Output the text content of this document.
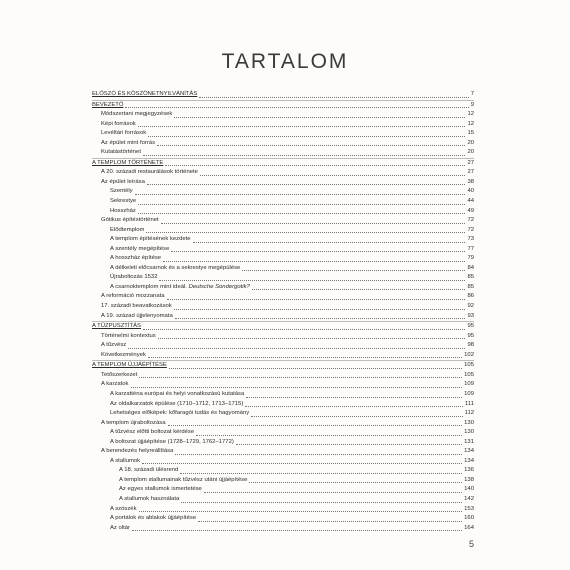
TARTALOM
ELŐSZÓ ÉS KÖSZÖNETNYILVÁNÍTÁS	7
BEVEZETŐ	9
Módszertani megjegyzések	12
Képi források	12
Levéltári források	15
Az épület mint forrás	20
Kutatástörténet	20
A TEMPLOM TÖRTÉNETE	27
A 20. századi restaurálások története	27
Az épület leírása	38
Szentély	40
Sekrestye	44
Hosszház	49
Gótikus építéstörténet	72
Elődtemplom	72
A templom építésének kezdete	73
A szentély megépítése	77
A hosszház építése	79
A délkeleti előcsarnok és a sekrestye megépülése	84
Újraboltozás 1532	85
A csarnoktemplom mint ideál. Deutsche Sondergotik?	85
A reformáció mozzanata	86
17. századi beavatkozások	92
A 19. század újjelenyomata	93
A TŰZPUSZTÍTÁS	95
Történelmi kontextus	95
A tűzvész	98
Következmények	102
A TEMPLOM ÚJJÁÉPÍTÉSE	105
Tetőszerkezet	105
A karzatok	109
A karzatténa európai és helyi vonatkozású kutatása	109
Az oldalkarzatok épülése (1710–1712, 1713–1715)	111
Lehetséges előképek: kőfaragói tudás és hagyomány	112
A templom újraboltozása	130
A tűzvész előtti boltozat kérdése	130
A boltozat újjáépítése (1728–1729, 1762–1772)	131
A berendezés helyreállítása	134
A stallumok	134
A 18. századi ülésrend	136
A templom stallumainak tűzvész utáni újjáépítése	138
Az egyes stallumok ismertetése	140
A stallumok használata	142
A szószék	153
A portálok és ablakok újjáépítése	160
Az oltár	164
5
